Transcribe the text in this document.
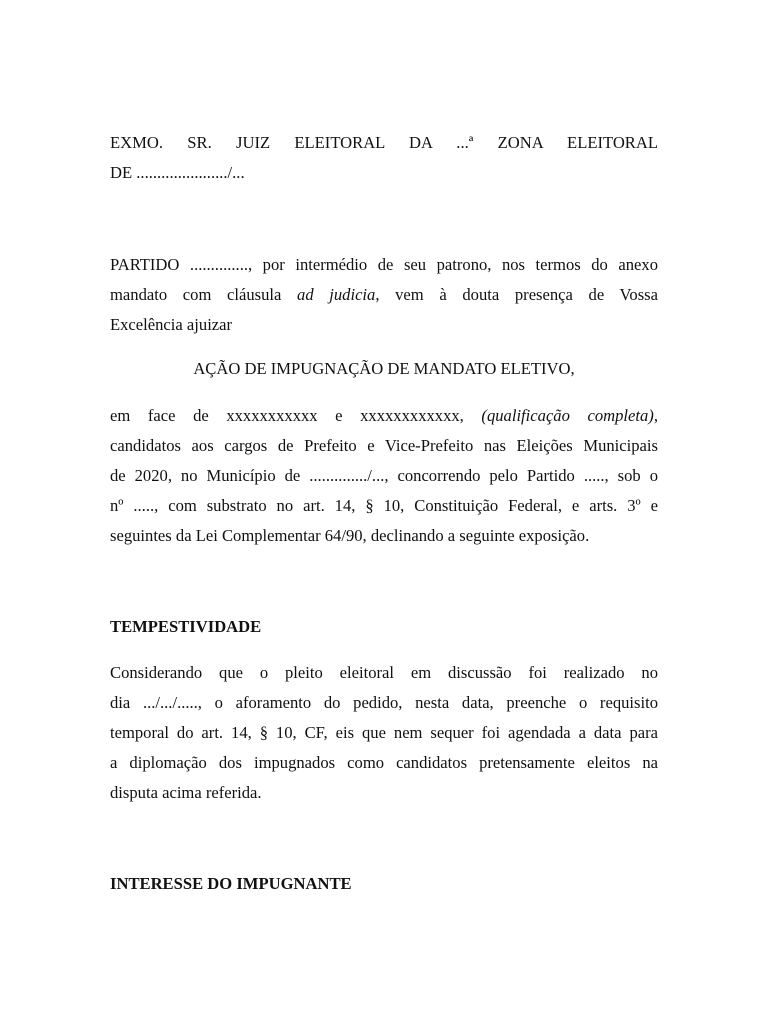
EXMO. SR. JUIZ ELEITORAL DA ...ª ZONA ELEITORAL
DE ....................../...
PARTIDO .............., por intermédio de seu patrono, nos termos do anexo
mandato com cláusula ad judicia, vem à douta presença de Vossa
Excelência ajuizar
AÇÃO DE IMPUGNAÇÃO DE MANDATO ELETIVO,
em face de xxxxxxxxxxx e xxxxxxxxxxxx, (qualificação completa),
candidatos aos cargos de Prefeito e Vice-Prefeito nas Eleições Municipais
de 2020, no Município de ............../..., concorrendo pelo Partido ....., sob o
nº ....., com substrato no art. 14, § 10, Constituição Federal, e arts. 3º e
seguintes da Lei Complementar 64/90, declinando a seguinte exposição.
TEMPESTIVIDADE
Considerando que o pleito eleitoral em discussão foi realizado no
dia .../.../....., o aforamento do pedido, nesta data, preenche o requisito
temporal do art. 14, § 10, CF, eis que nem sequer foi agendada a data para
a diplomação dos impugnados como candidatos pretensamente eleitos na
disputa acima referida.
INTERESSE DO IMPUGNANTE
